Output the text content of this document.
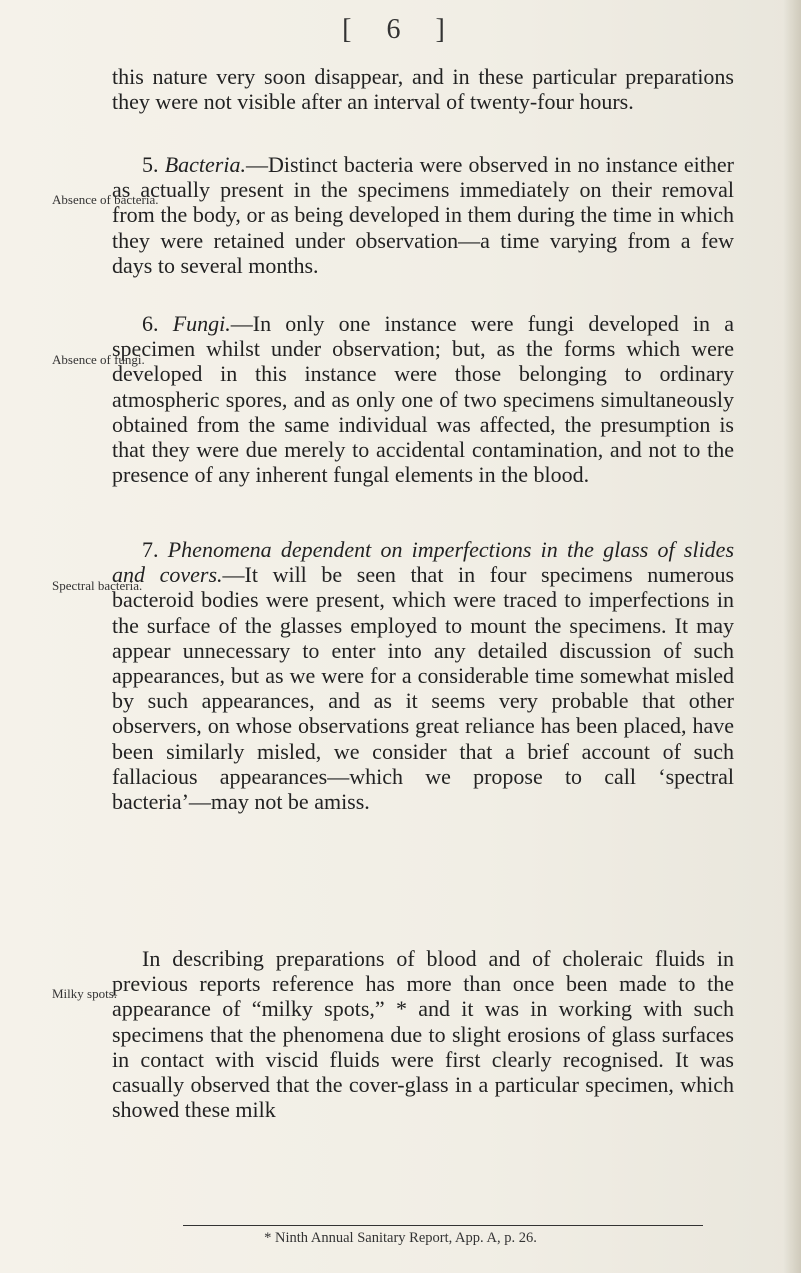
[ 6 ]

this nature very soon disappear, and in these particular preparations they were not visible after an interval of twenty-four hours.

5. Bacteria.—Distinct bacteria were observed in no instance either as actually present in the specimens immediately on their removal from the body, or as being developed in them during the time in which they were retained under observation—a time varying from a few days to several months.

Absence of bacteria.

6. Fungi.—In only one instance were fungi developed in a specimen whilst under observation; but, as the forms which were developed in this instance were those belonging to ordinary atmospheric spores, and as only one of two specimens simultaneously obtained from the same individual was affected, the presumption is that they were due merely to accidental contamination, and not to the presence of any inherent fungal elements in the blood.

Absence of fungi.

7. Phenomena dependent on imperfections in the glass of slides and covers.—It will be seen that in four specimens numerous bacteroid bodies were present, which were traced to imperfections in the surface of the glasses employed to mount the specimens. It may appear unnecessary to enter into any detailed discussion of such appearances, but as we were for a considerable time somewhat misled by such appearances, and as it seems very probable that other observers, on whose observations great reliance has been placed, have been similarly misled, we consider that a brief account of such fallacious appearances—which we propose to call ‘spectral bacteria’—may not be amiss.

Spectral bacteria.

In describing preparations of blood and of choleraic fluids in previous reports reference has more than once been made to the appearance of “milky spots,” * and it was in working with such specimens that the phenomena due to slight erosions of glass surfaces in contact with viscid fluids were first clearly recognised. It was casually observed that the cover-glass in a particular specimen, which showed these milk

Milky spots.
* Ninth Annual Sanitary Report, App. A, p. 26.
